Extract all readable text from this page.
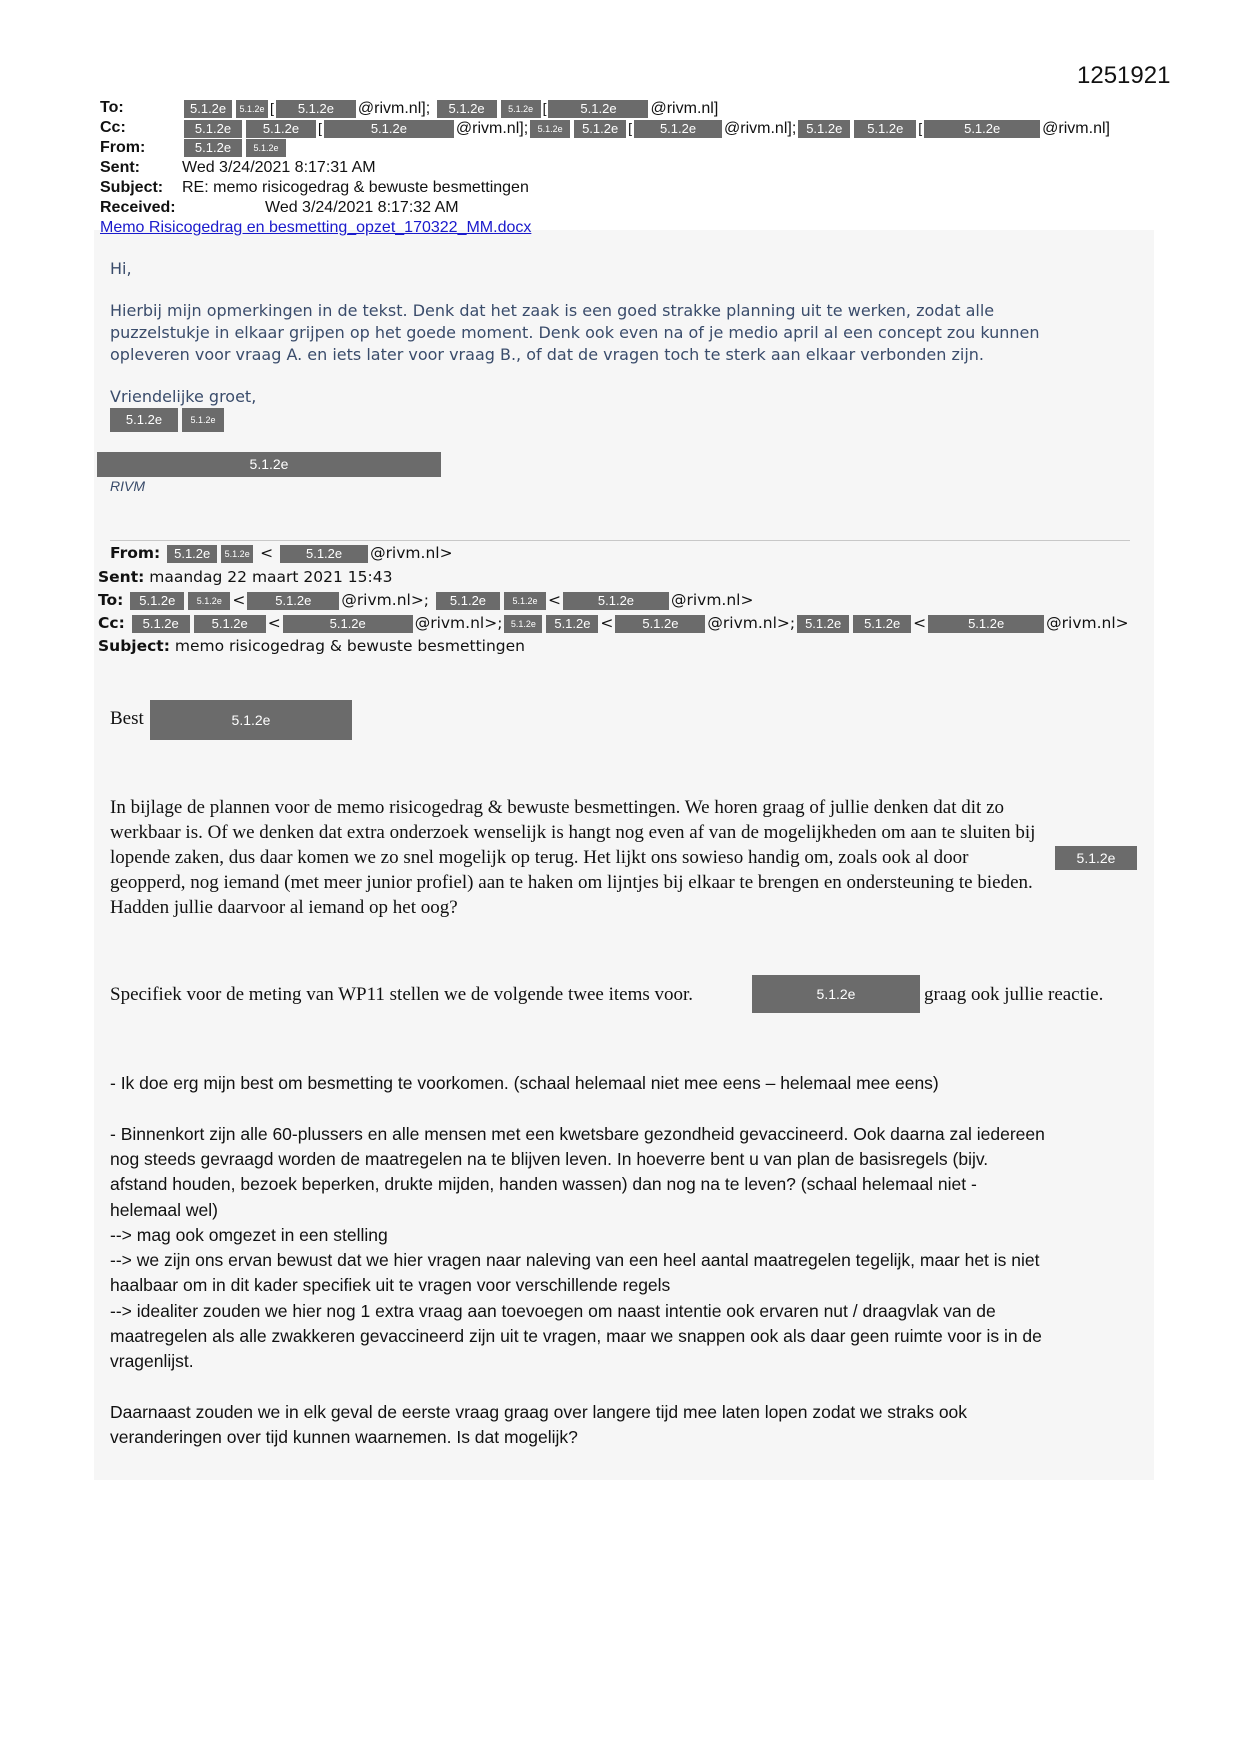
1251921
To:	5.1.2e 5.1.2e [ 5.1.2e @rivm.nl]; 5.1.2e	5.1.2e [	5.1.2e @rivm.nl]
Cc:	5.1.2e 5.1.2e [	5.1.2e	@rivm.nl]; 5.1.2e 5.1.2e [ 5.1.2e @rivm.nl]; 5.1.2e 5.1.2e [	5.1.2e	@rivm.nl]
From:	5.1.2e 5.1.2e
Sent:	Wed 3/24/2021 8:17:31 AM
Subject: RE: memo risicogedrag & bewuste besmettingen
Received:	Wed 3/24/2021 8:17:32 AM
Memo Risicogedrag en besmetting_opzet_170322_MM.docx
Hi,
Hierbij mijn opmerkingen in de tekst. Denk dat het zaak is een goed strakke planning uit te werken, zodat alle
puzzelstukje in elkaar grijpen op het goede moment. Denk ook even na of je medio april al een concept zou kunnen
opleveren voor vraag A. en iets later voor vraag B., of dat de vragen toch te sterk aan elkaar verbonden zijn.
Vriendelijke groet,
5.1.2e	5.1.2e
5.1.2e
RIVM
From: 5.1.2e 5.1.2e <	5.1.2e @rivm.nl>
Sent: maandag 22 maart 2021 15:43
To: 5.1.2e 5.1.2e < 5.1.2e @rivm.nl>; 5.1.2e	5.1.2e <	5.1.2e @rivm.nl>
Cc: 5.1.2e	5.1.2e <	5.1.2e	@rivm.nl>; 5.1.2e 5.1.2e < 5.1.2e @rivm.nl>; 5.1.2e 5.1.2e <	5.1.2e	@rivm.nl>
Subject: memo risicogedrag & bewuste besmettingen
Best	5.1.2e
In bijlage de plannen voor de memo risicogedrag & bewuste besmettingen. We horen graag of jullie denken dat dit zo
werkbaar is. Of we denken dat extra onderzoek wenselijk is hangt nog even af van de mogelijkheden om aan te sluiten bij
lopende zaken, dus daar komen we zo snel mogelijk op terug. Het lijkt ons sowieso handig om, zoals ook al door	5.1.2e
geopperd, nog iemand (met meer junior profiel) aan te haken om lijntjes bij elkaar te brengen en ondersteuning te bieden.
Hadden jullie daarvoor al iemand op het oog?
Specifiek voor de meting van WP11 stellen we de volgende twee items voor.	5.1.2e	graag ook jullie reactie.
- Ik doe erg mijn best om besmetting te voorkomen. (schaal helemaal niet mee eens – helemaal mee eens)
- Binnenkort zijn alle 60-plussers en alle mensen met een kwetsbare gezondheid gevaccineerd. Ook daarna zal iedereen
nog steeds gevraagd worden de maatregelen na te blijven leven. In hoeverre bent u van plan de basisregels (bijv.
afstand houden, bezoek beperken, drukte mijden, handen wassen) dan nog na te leven? (schaal helemaal niet -
helemaal wel)
--> mag ook omgezet in een stelling
--> we zijn ons ervan bewust dat we hier vragen naar naleving van een heel aantal maatregelen tegelijk, maar het is niet
haalbaar om in dit kader specifiek uit te vragen voor verschillende regels
--> idealiter zouden we hier nog 1 extra vraag aan toevoegen om naast intentie ook ervaren nut / draagvlak van de
maatregelen als alle zwakkeren gevaccineerd zijn uit te vragen, maar we snappen ook als daar geen ruimte voor is in de
vragenlijst.
Daarnaast zouden we in elk geval de eerste vraag graag over langere tijd mee laten lopen zodat we straks ook
veranderingen over tijd kunnen waarnemen. Is dat mogelijk?
